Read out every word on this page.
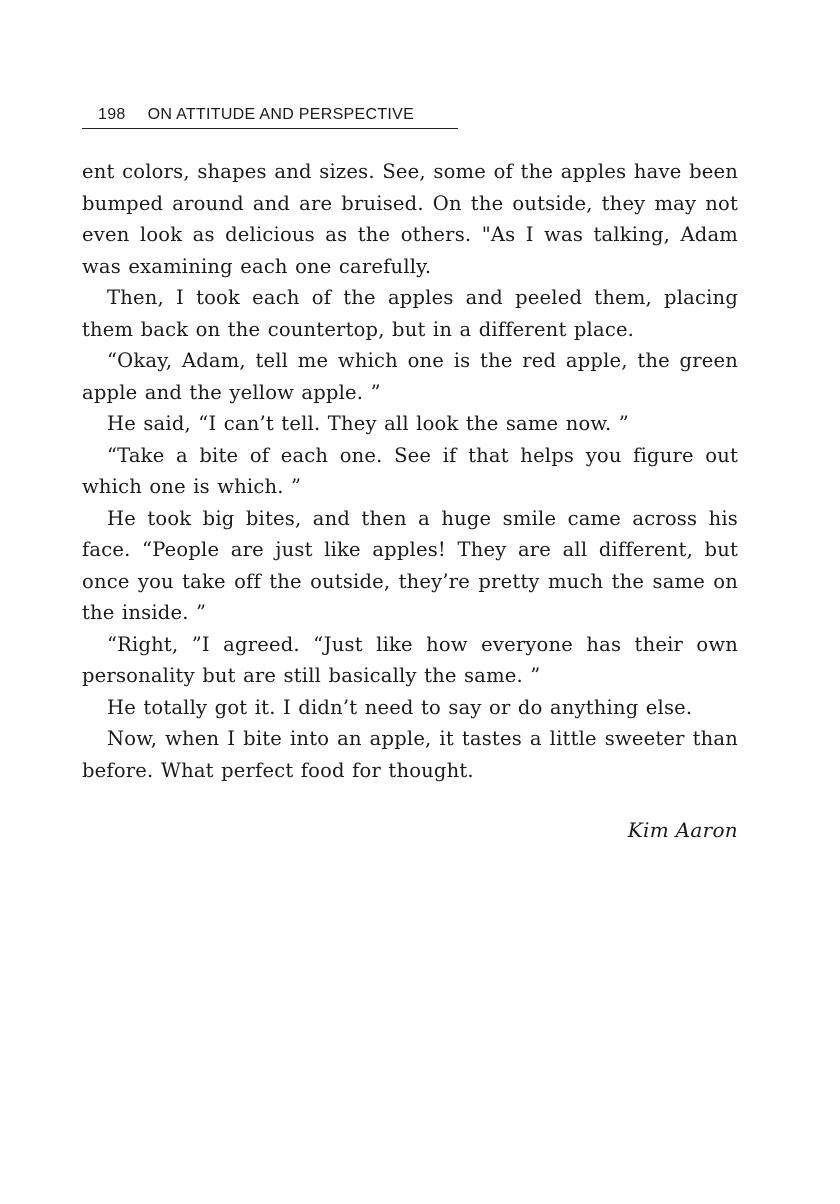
198 ON ATTITUDE AND PERSPECTIVE

ent colors, shapes and sizes. See, some of the apples have been bumped around and are bruised. On the outside, they may not even look as delicious as the others. "As I was talking, Adam was examining each one carefully.

Then, I took each of the apples and peeled them, placing them back on the countertop, but in a different place.

“Okay, Adam, tell me which one is the red apple, the green apple and the yellow apple. ”

He said, “I can’t tell. They all look the same now. ”

“Take a bite of each one. See if that helps you figure out which one is which. ”

He took big bites, and then a huge smile came across his face. “People are just like apples! They are all different, but once you take off the outside, they’re pretty much the same on the inside. ”

“Right, ”I agreed. “Just like how everyone has their own personality but are still basically the same. ”

He totally got it. I didn’t need to say or do anything else.

Now, when I bite into an apple, it tastes a little sweeter than before. What perfect food for thought.

Kim Aaron
